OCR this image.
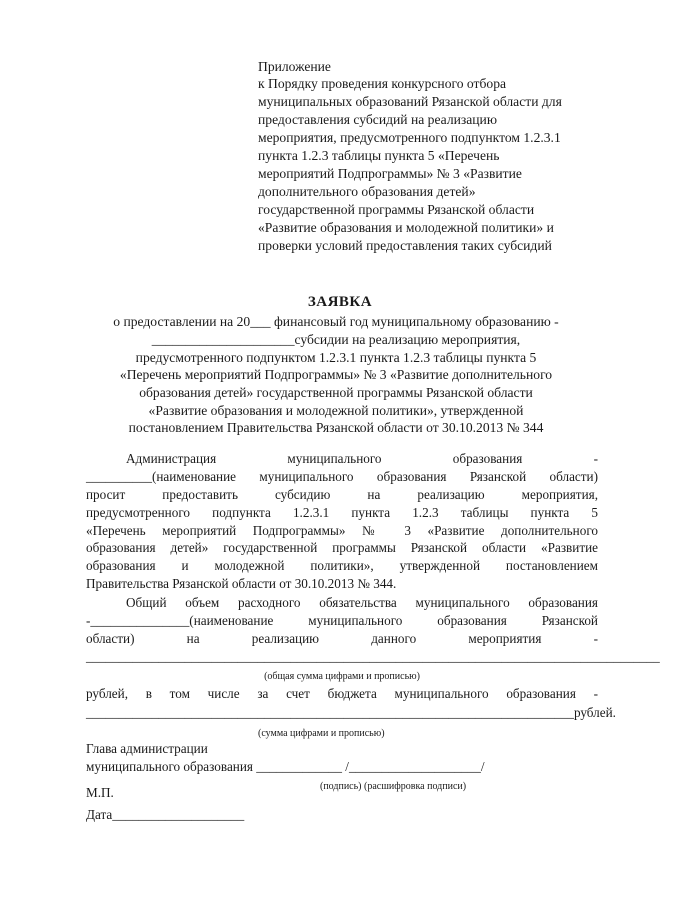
Приложение
к Порядку проведения конкурсного отбора
муниципальных образований Рязанской области для
предоставления субсидий на реализацию
мероприятия, предусмотренного подпунктом 1.2.3.1
пункта 1.2.3 таблицы пункта 5 «Перечень
мероприятий Подпрограммы» № 3 «Развитие
дополнительного образования детей»
государственной программы Рязанской области
«Развитие образования и молодежной политики» и
проверки условий предоставления таких субсидий
ЗАЯВКА
о предоставлении на 20___ финансовый год муниципальному образованию -
_____________________субсидии на реализацию мероприятия,
предусмотренного подпунктом 1.2.3.1 пункта 1.2.3 таблицы пункта 5
«Перечень мероприятий Подпрограммы» № 3 «Развитие дополнительного
образования детей» государственной программы Рязанской области
«Развитие образования и молодежной политики», утвержденной
постановлением Правительства Рязанской области от 30.10.2013 № 344
Администрация муниципального образования -
__________(наименование муниципального образования Рязанской области)
просит предоставить субсидию на реализацию мероприятия,
предусмотренного подпункта 1.2.3.1 пункта 1.2.3 таблицы пункта 5
«Перечень мероприятий Подпрограммы» № 3 «Развитие дополнительного
образования детей» государственной программы Рязанской области «Развитие
образования и молодежной политики», утвержденной постановлением
Правительства Рязанской области от 30.10.2013 № 344.
Общий объем расходного обязательства муниципального образования
-_______________(наименование муниципального образования Рязанской
области) на реализацию данного мероприятия -
_______________________________________________________________________________________
(общая сумма цифрами и прописью)
рублей, в том числе за счет бюджета муниципального образования -
__________________________________________________________________________рублей.
(сумма цифрами и прописью)
Глава администрации
муниципального образования _____________ /____________________/
(подпись) (расшифровка подписи)
М.П.
Дата____________________
